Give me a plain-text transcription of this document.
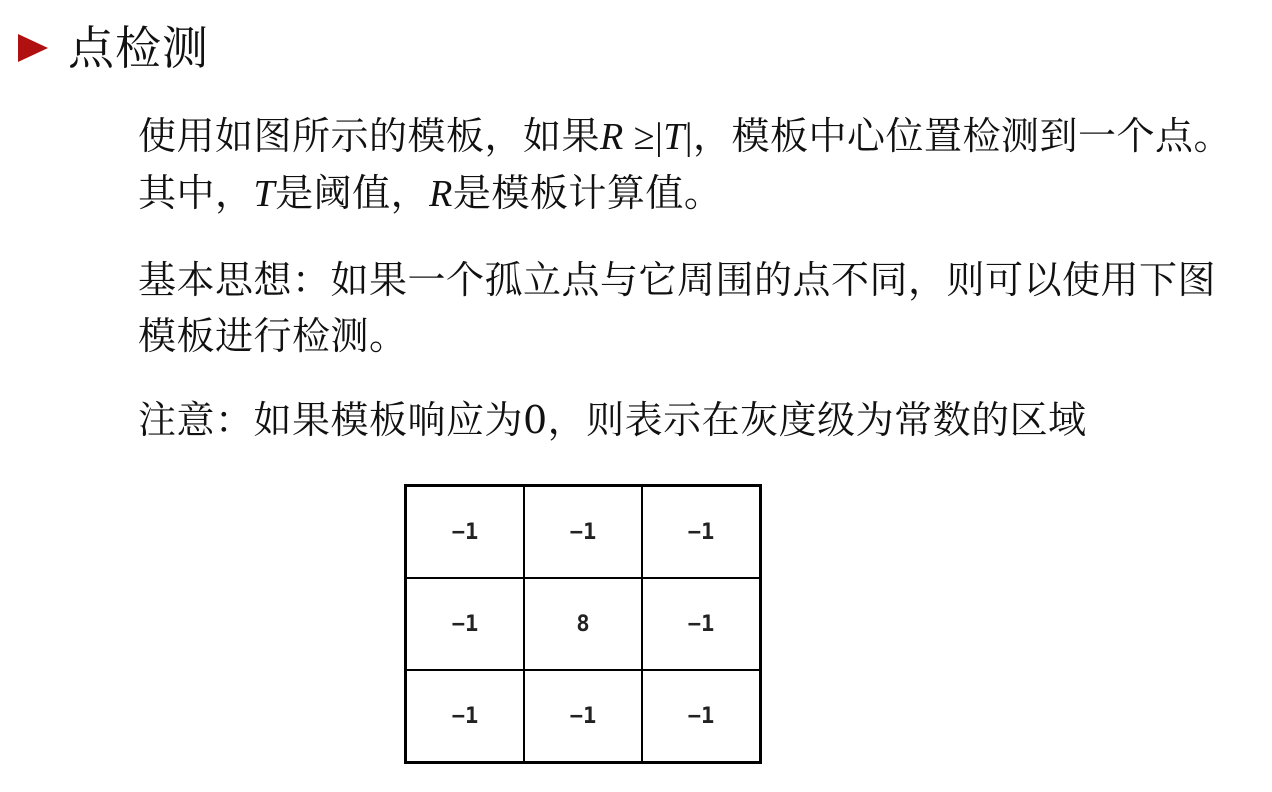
点检测
使用如图所示的模板，如果R ≥|T|，模板中心位置检测到一个点。其中，T是阈值，R是模板计算值。
基本思想：如果一个孤立点与它周围的点不同，则可以使用下图模板进行检测。
注意：如果模板响应为0，则表示在灰度级为常数的区域
−1	−1	−1
−1	8	−1
−1	−1	−1
